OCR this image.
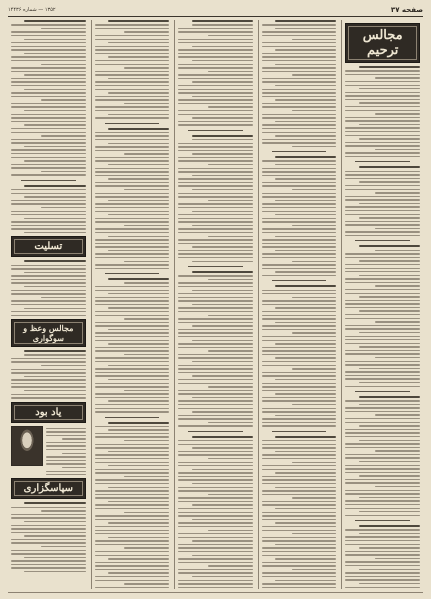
صفحه ۳۷
۱۳۵۲ — شماره ۱۴۴۳۶
مجالس ترحیم
تسلیت
مجالس وعظ و سوگواری
یاد بود
سپاسگزاری
